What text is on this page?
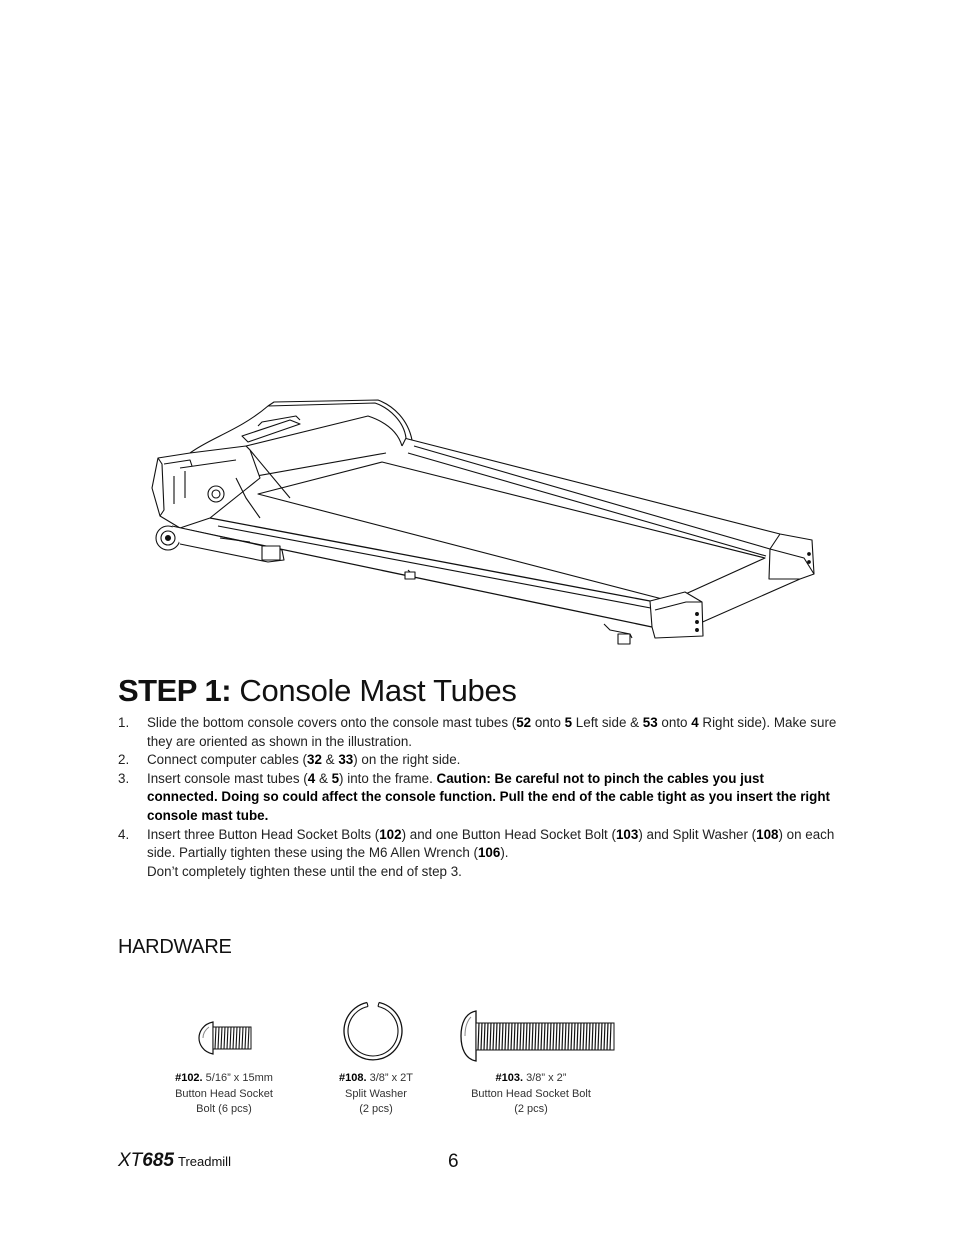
STEP 1: Console Mast Tubes
1. Slide the bottom console covers onto the console mast tubes (52 onto 5 Left side & 53 onto 4 Right side). Make sure they are oriented as shown in the illustration.
2. Connect computer cables (32 & 33) on the right side.
3. Insert console mast tubes (4 & 5) into the frame. Caution: Be careful not to pinch the cables you just connected. Doing so could affect the console function. Pull the end of the cable tight as you insert the right console mast tube.
4. Insert three Button Head Socket Bolts (102) and one Button Head Socket Bolt (103) and Split Washer (108) on each side. Partially tighten these using the M6 Allen Wrench (106).
Don’t completely tighten these until the end of step 3.
HARDWARE
#102. 5/16” x 15mm
Button Head Socket
Bolt (6 pcs)
#108. 3/8” x 2T
Split Washer
(2 pcs)
#103. 3/8” x 2”
Button Head Socket Bolt
(2 pcs)
XT685 Treadmill	6
